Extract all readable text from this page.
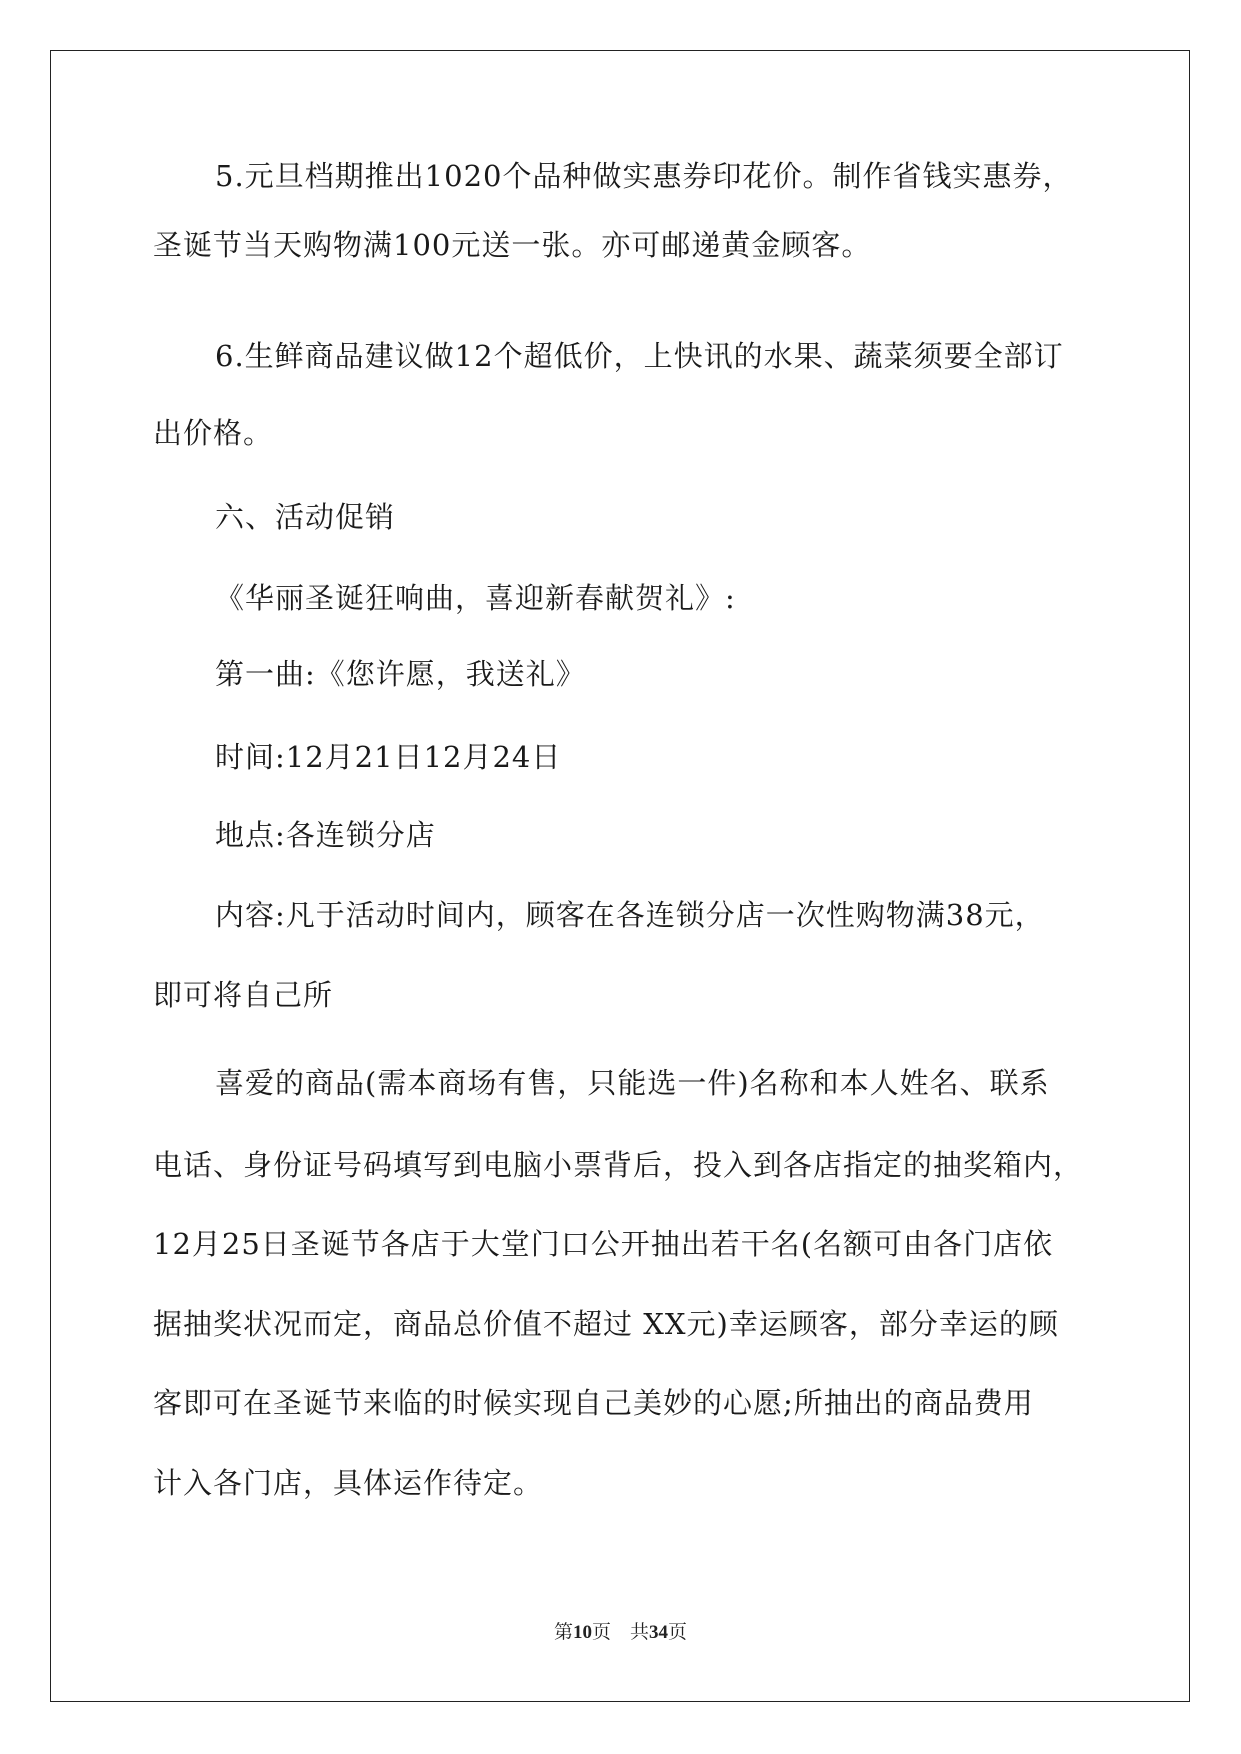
5.元旦档期推出1020个品种做实惠券印花价。制作省钱实惠券，
圣诞节当天购物满100元送一张。亦可邮递黄金顾客。
6.生鲜商品建议做12个超低价，上快讯的水果、蔬菜须要全部订
出价格。
六、活动促销
《华丽圣诞狂响曲，喜迎新春献贺礼》:
第一曲:《您许愿，我送礼》
时间:12月21日12月24日
地点:各连锁分店
内容:凡于活动时间内，顾客在各连锁分店一次性购物满38元，
即可将自己所
喜爱的商品(需本商场有售，只能选一件)名称和本人姓名、联系
电话、身份证号码填写到电脑小票背后，投入到各店指定的抽奖箱内，
12月25日圣诞节各店于大堂门口公开抽出若干名(名额可由各门店依
据抽奖状况而定，商品总价值不超过 XX元)幸运顾客，部分幸运的顾
客即可在圣诞节来临的时候实现自己美妙的心愿;所抽出的商品费用
计入各门店，具体运作待定。
第10页　共34页
